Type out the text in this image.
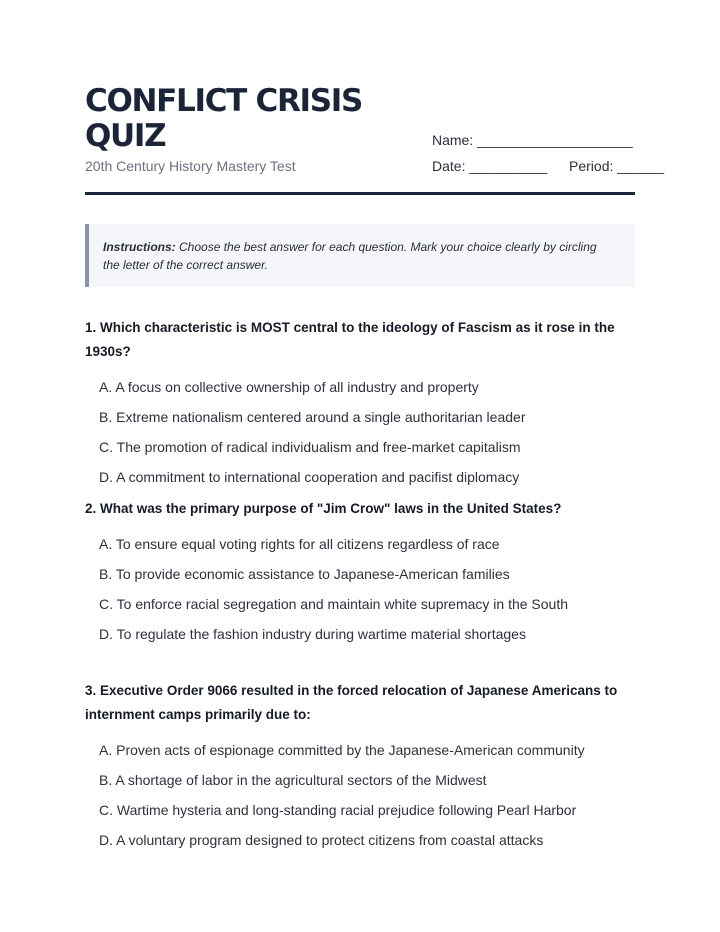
CONFLICT CRISIS QUIZ
20th Century History Mastery Test
Name: ____________________
Date: __________ Period: ______
Instructions: Choose the best answer for each question. Mark your choice clearly by circling the letter of the correct answer.

1. Which characteristic is MOST central to the ideology of Fascism as it rose in the 1930s?

A. A focus on collective ownership of all industry and property
B. Extreme nationalism centered around a single authoritarian leader
C. The promotion of radical individualism and free-market capitalism
D. A commitment to international cooperation and pacifist diplomacy

2. What was the primary purpose of "Jim Crow" laws in the United States?

A. To ensure equal voting rights for all citizens regardless of race
B. To provide economic assistance to Japanese-American families
C. To enforce racial segregation and maintain white supremacy in the South
D. To regulate the fashion industry during wartime material shortages

3. Executive Order 9066 resulted in the forced relocation of Japanese Americans to internment camps primarily due to:

A. Proven acts of espionage committed by the Japanese-American community
B. A shortage of labor in the agricultural sectors of the Midwest
C. Wartime hysteria and long-standing racial prejudice following Pearl Harbor
D. A voluntary program designed to protect citizens from coastal attacks
